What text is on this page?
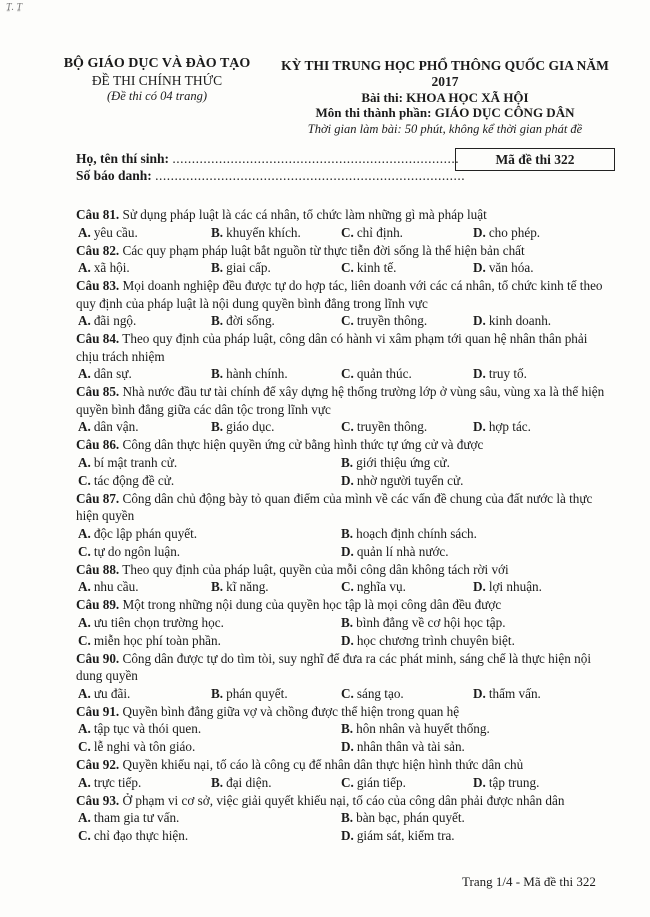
Ṯ. Ṯ
BỘ GIÁO DỤC VÀ ĐÀO TẠO
ĐỀ THI CHÍNH THỨC
(Đề thi có 04 trang)
KỲ THI TRUNG HỌC PHỔ THÔNG QUỐC GIA NĂM 2017
Bài thi: KHOA HỌC XÃ HỘI
Môn thi thành phần: GIÁO DỤC CÔNG DÂN
Thời gian làm bài: 50 phút, không kể thời gian phát đề
Họ, tên thí sinh: ..........................................................................
Số báo danh: ................................................................................
Mã đề thi 322
Câu 81. Sử dụng pháp luật là các cá nhân, tổ chức làm những gì mà pháp luật
A. yêu cầu.	B. khuyến khích.	C. chỉ định.	D. cho phép.
Câu 82. Các quy phạm pháp luật bắt nguồn từ thực tiễn đời sống là thể hiện bản chất
A. xã hội.	B. giai cấp.	C. kinh tế.	D. văn hóa.
Câu 83. Mọi doanh nghiệp đều được tự do hợp tác, liên doanh với các cá nhân, tổ chức kinh tế theo quy định của pháp luật là nội dung quyền bình đẳng trong lĩnh vực
A. đãi ngộ.	B. đời sống.	C. truyền thông.	D. kinh doanh.
Câu 84. Theo quy định của pháp luật, công dân có hành vi xâm phạm tới quan hệ nhân thân phải chịu trách nhiệm
A. dân sự.	B. hành chính.	C. quản thúc.	D. truy tố.
Câu 85. Nhà nước đầu tư tài chính để xây dựng hệ thống trường lớp ở vùng sâu, vùng xa là thể hiện quyền bình đẳng giữa các dân tộc trong lĩnh vực
A. dân vận.	B. giáo dục.	C. truyền thông.	D. hợp tác.
Câu 86. Công dân thực hiện quyền ứng cử bằng hình thức tự ứng cử và được
A. bí mật tranh cử.	B. giới thiệu ứng cử.
C. tác động đề cử.	D. nhờ người tuyển cử.
Câu 87. Công dân chủ động bày tỏ quan điểm của mình về các vấn đề chung của đất nước là thực hiện quyền
A. độc lập phán quyết.	B. hoạch định chính sách.
C. tự do ngôn luận.	D. quản lí nhà nước.
Câu 88. Theo quy định của pháp luật, quyền của mỗi công dân không tách rời với
A. nhu cầu.	B. kĩ năng.	C. nghĩa vụ.	D. lợi nhuận.
Câu 89. Một trong những nội dung của quyền học tập là mọi công dân đều được
A. ưu tiên chọn trường học.	B. bình đẳng về cơ hội học tập.
C. miễn học phí toàn phần.	D. học chương trình chuyên biệt.
Câu 90. Công dân được tự do tìm tòi, suy nghĩ để đưa ra các phát minh, sáng chế là thực hiện nội dung quyền
A. ưu đãi.	B. phán quyết.	C. sáng tạo.	D. thẩm vấn.
Câu 91. Quyền bình đẳng giữa vợ và chồng được thể hiện trong quan hệ
A. tập tục và thói quen.	B. hôn nhân và huyết thống.
C. lễ nghi và tôn giáo.	D. nhân thân và tài sản.
Câu 92. Quyền khiếu nại, tố cáo là công cụ để nhân dân thực hiện hình thức dân chủ
A. trực tiếp.	B. đại diện.	C. gián tiếp.	D. tập trung.
Câu 93. Ở phạm vi cơ sở, việc giải quyết khiếu nại, tố cáo của công dân phải được nhân dân
A. tham gia tư vấn.	B. bàn bạc, phán quyết.
C. chỉ đạo thực hiện.	D. giám sát, kiểm tra.
Trang 1/4 - Mã đề thi 322
